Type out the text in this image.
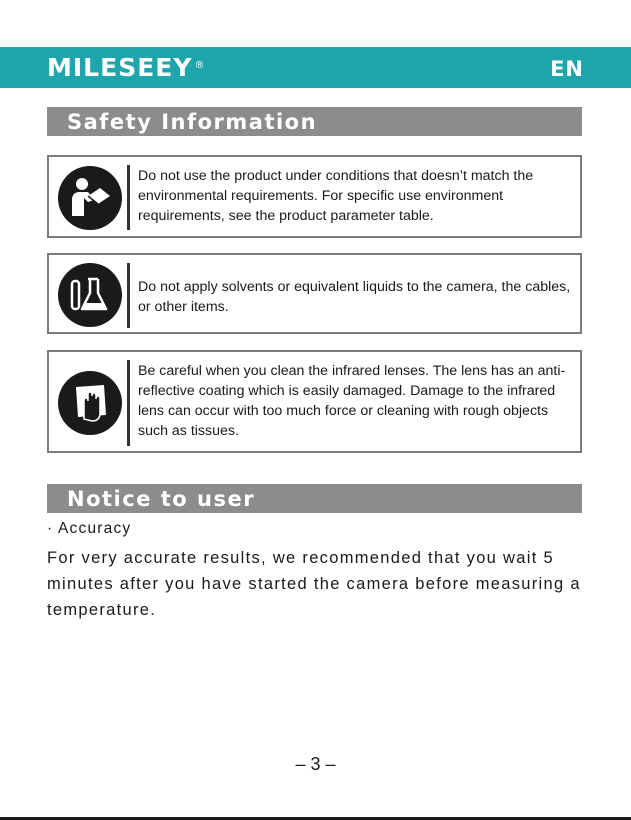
MILESEEY ®	EN
Safety Information
Do not use the product under conditions that doesn’t match the environmental requirements. For specific use environment requirements, see the product parameter table.
Do not apply solvents or equivalent liquids to the camera, the cables, or other items.
Be careful when you clean the infrared lenses. The lens has an anti-reflective coating which is easily damaged. Damage to the infrared lens can occur with too much force or cleaning with rough objects such as tissues.
Notice to user
· Accuracy
For very accurate results, we recommended that you wait 5 minutes after you have started the camera before measuring a temperature.
– 3 –
